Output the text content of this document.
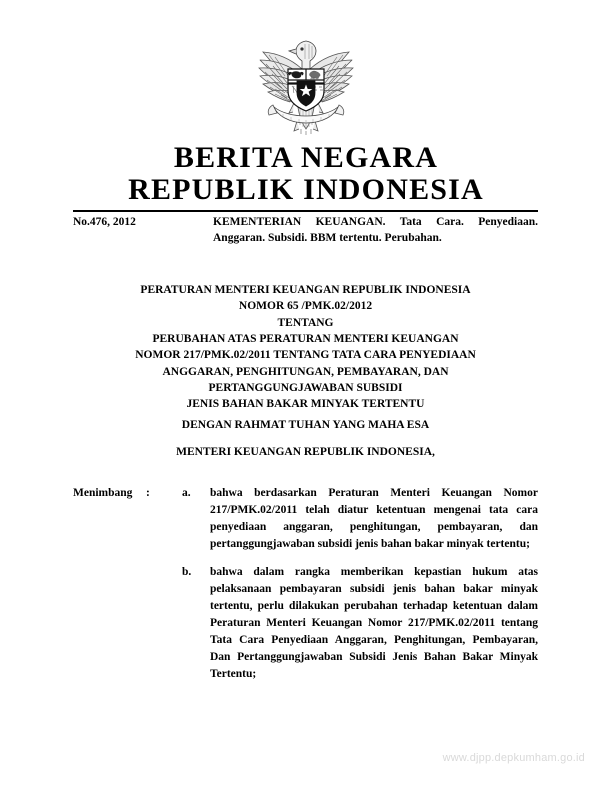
BERITA NEGARA
REPUBLIK INDONESIA
No.476, 2012	KEMENTERIAN KEUANGAN. Tata Cara. Penyediaan. Anggaran. Subsidi. BBM tertentu. Perubahan.
PERATURAN MENTERI KEUANGAN REPUBLIK INDONESIA
NOMOR 65 /PMK.02/2012
TENTANG
PERUBAHAN ATAS PERATURAN MENTERI KEUANGAN
NOMOR 217/PMK.02/2011 TENTANG TATA CARA PENYEDIAAN
ANGGARAN, PENGHITUNGAN, PEMBAYARAN, DAN
PERTANGGUNGJAWABAN SUBSIDI
JENIS BAHAN BAKAR MINYAK TERTENTU
DENGAN RAHMAT TUHAN YANG MAHA ESA
MENTERI KEUANGAN REPUBLIK INDONESIA,
Menimbang	:	a.	bahwa berdasarkan Peraturan Menteri Keuangan Nomor 217/PMK.02/2011 telah diatur ketentuan mengenai tata cara penyediaan anggaran, penghitungan, pembayaran, dan pertanggungjawaban subsidi jenis bahan bakar minyak tertentu;
b.	bahwa dalam rangka memberikan kepastian hukum atas pelaksanaan pembayaran subsidi jenis bahan bakar minyak tertentu, perlu dilakukan perubahan terhadap ketentuan dalam Peraturan Menteri Keuangan Nomor 217/PMK.02/2011 tentang Tata Cara Penyediaan Anggaran, Penghitungan, Pembayaran, Dan Pertanggungjawaban Subsidi Jenis Bahan Bakar Minyak Tertentu;
www.djpp.depkumham.go.id
